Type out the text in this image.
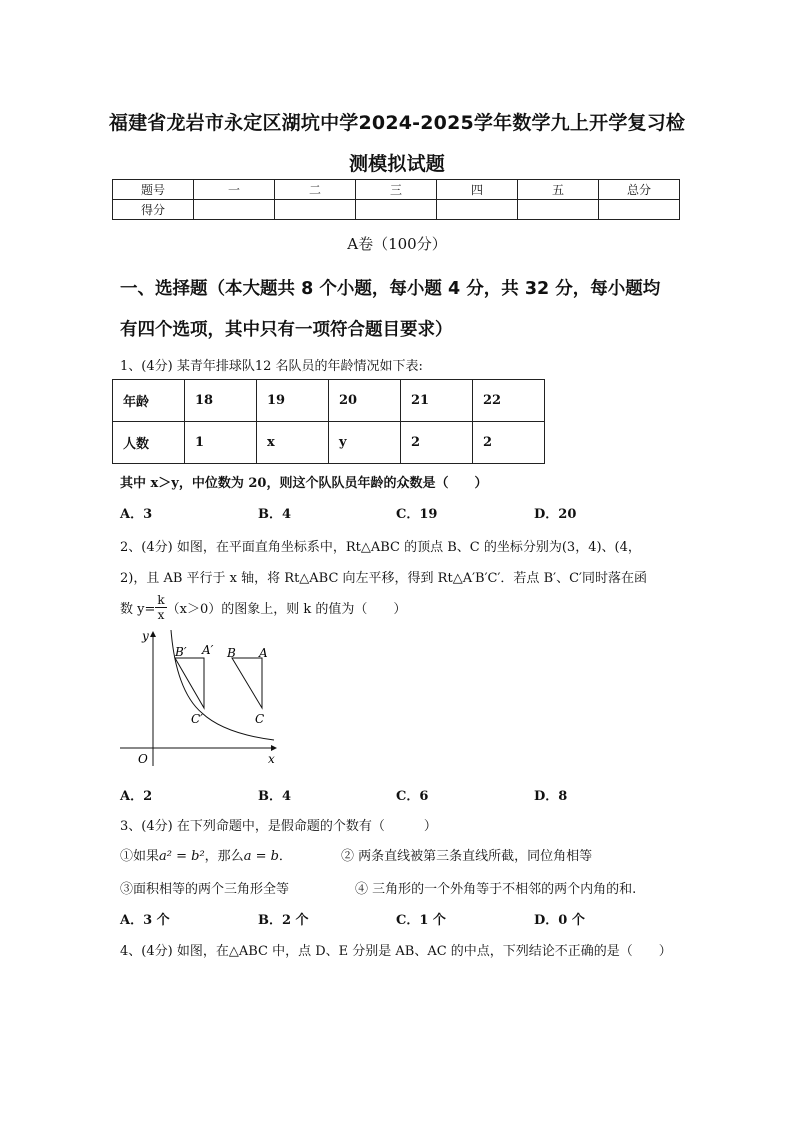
福建省龙岩市永定区湖坑中学2024-2025学年数学九上开学复习检
测模拟试题
题号	一	二	三	四	五	总分
得分						
A卷（100分）
一、选择题（本大题共 8 个小题，每小题 4 分，共 32 分，每小题均
有四个选项，其中只有一项符合题目要求）
1、(4分) 某青年排球队12 名队员的年龄情况如下表:
年龄	18	19	20	21	22
人数	1	x	y	2	2
其中 x＞y，中位数为 20，则这个队队员年龄的众数是（　　）
A．3	B．4	C．19	D．20
2、(4分) 如图，在平面直角坐标系中，Rt△ABC 的顶点 B、C 的坐标分别为(3，4)、(4，
2)，且 AB 平行于 x 轴，将 Rt△ABC 向左平移，得到 Rt△A′B′C′．若点 B′、C′同时落在函
数 $y= \frac{k}{x} (x>0)$的图象上，则 k 的值为（　　）
y
x
O
B′ A′
C′
B A
C
A．2	B．4	C．6	D．8
3、(4分) 在下列命题中，是假命题的个数有（　　　）
①如果a² = b²，那么a = b．	② 两条直线被第三条直线所截，同位角相等
③面积相等的两个三角形全等	④ 三角形的一个外角等于不相邻的两个内角的和.
A．3 个	B．2 个	C．1 个	D．0 个
4、(4分) 如图，在△ABC 中，点 D、E 分别是 AB、AC 的中点，下列结论不正确的是（　　）
